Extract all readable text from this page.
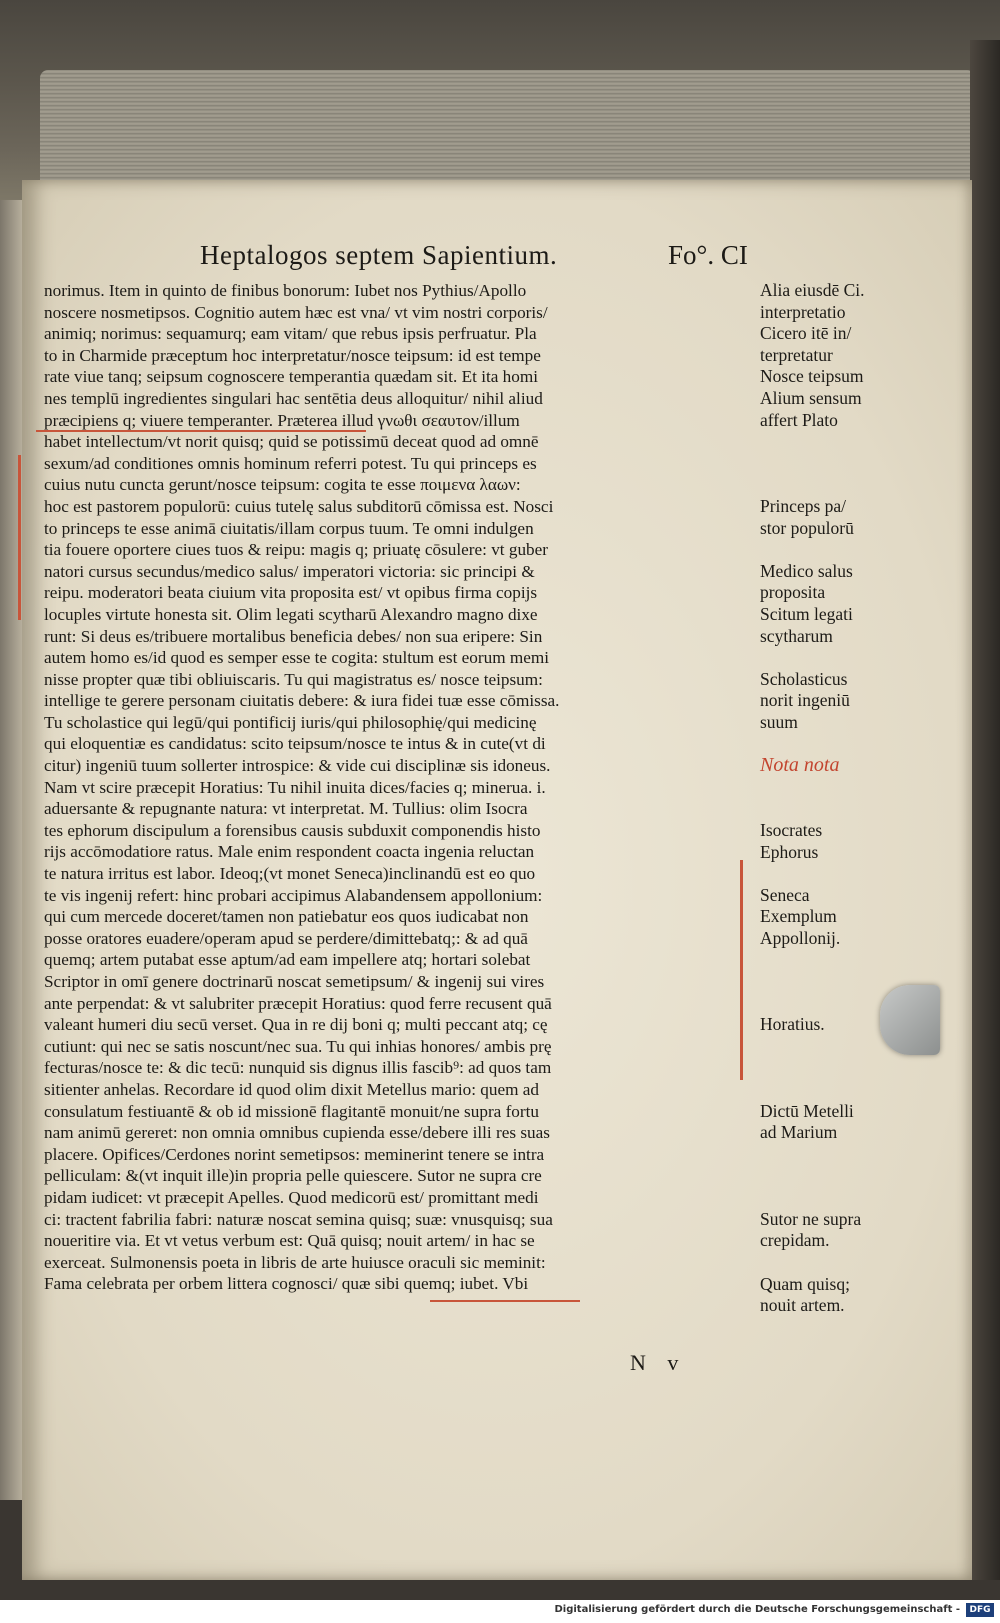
Heptalogos septem Sapientium.	Fo°. CI
norimus. Item in quinto de finibus bonorum: Iubet nos Pythius/Apollo
noscere nosmetipsos. Cognitio autem hæc est vna/ vt vim nostri corporis/
animiq; norimus: sequamurq; eam vitam/ que rebus ipsis perfruatur. Pla
to in Charmide præceptum hoc interpretatur/nosce teipsum: id est tempe
rate viue tanq; seipsum cognoscere temperantia quædam sit. Et ita homi
nes templū ingredientes singulari hac sentētia deus alloquitur/ nihil aliud
præcipiens q; viuere temperanter. Præterea illud γνωθι σεαυτον/illum
habet intellectum/vt norit quisq; quid se potissimū deceat quod ad omnē
sexum/ad conditiones omnis hominum referri potest. Tu qui princeps es
cuius nutu cuncta gerunt/nosce teipsum: cogita te esse ποιμενα λαων:
hoc est pastorem populorū: cuius tutelę salus subditorū cōmissa est. Nosci
to princeps te esse animā ciuitatis/illam corpus tuum. Te omni indulgen
tia fouere oportere ciues tuos & reipu: magis q; priuatę cōsulere: vt guber
natori cursus secundus/medico salus/ imperatori victoria: sic principi &
reipu. moderatori beata ciuium vita proposita est/ vt opibus firma copijs
locuples virtute honesta sit. Olim legati scytharū Alexandro magno dixe
runt: Si deus es/tribuere mortalibus beneficia debes/ non sua eripere: Sin
autem homo es/id quod es semper esse te cogita: stultum est eorum memi
nisse propter quæ tibi obliuiscaris. Tu qui magistratus es/ nosce teipsum:
intellige te gerere personam ciuitatis debere: & iura fidei tuæ esse cōmissa.
Tu scholastice qui legū/qui pontificij iuris/qui philosophię/qui medicinę
qui eloquentiæ es candidatus: scito teipsum/nosce te intus & in cute(vt di
citur) ingeniū tuum sollerter introspice: & vide cui disciplinæ sis idoneus.
Nam vt scire præcepit Horatius: Tu nihil inuita dices/facies q; minerua. i.
aduersante & repugnante natura: vt interpretat. M. Tullius: olim Isocra
tes ephorum discipulum a forensibus causis subduxit componendis histo
rijs accōmodatiore ratus. Male enim respondent coacta ingenia reluctan
te natura irritus est labor. Ideoq;(vt monet Seneca)inclinandū est eo quo
te vis ingenij refert: hinc probari accipimus Alabandensem appollonium:
qui cum mercede doceret/tamen non patiebatur eos quos iudicabat non
posse oratores euadere/operam apud se perdere/dimittebatq;: & ad quā
quemq; artem putabat esse aptum/ad eam impellere atq; hortari solebat
Scriptor in omī genere doctrinarū noscat semetipsum/ & ingenij sui vires
ante perpendat: & vt salubriter præcepit Horatius: quod ferre recusent quā
valeant humeri diu secū verset. Qua in re dij boni q; multi peccant atq; cę
cutiunt: qui nec se satis noscunt/nec sua. Tu qui inhias honores/ ambis prę
fecturas/nosce te: & dic tecū: nunquid sis dignus illis fascib⁹: ad quos tam
sitienter anhelas. Recordare id quod olim dixit Metellus mario: quem ad
consulatum festiuantē & ob id missionē flagitantē monuit/ne supra fortu
nam animū gereret: non omnia omnibus cupienda esse/debere illi res suas
placere. Opifices/Cerdones norint semetipsos: meminerint tenere se intra
pelliculam: &(vt inquit ille)in propria pelle quiescere. Sutor ne supra cre
pidam iudicet: vt præcepit Apelles. Quod medicorū est/ promittant medi
ci: tractent fabrilia fabri: naturæ noscat semina quisq; suæ: vnusquisq; sua
noueritire via. Et vt vetus verbum est: Quā quisq; nouit artem/ in hac se
exerceat. Sulmonensis poeta in libris de arte huiusce oraculi sic meminit:
Fama celebrata per orbem littera cognosci/ quæ sibi quemq; iubet. Vbi
Alia eiusdē Ci.
interpretatio
Cicero itē in/
terpretatur
Nosce teipsum
Alium sensum
affert Plato
Princeps pa/
stor populorū
Medico salus
proposita
Scitum legati
scytharum
Scholasticus
norit ingeniū
suum
Nota nota
Isocrates
Ephorus
Seneca
Exemplum
Appollonij.
Horatius.
Dictū Metelli
ad Marium
Sutor ne supra
crepidam.
Quam quisq;
nouit artem.
N v
Digitalisierung gefördert durch die Deutsche Forschungsgemeinschaft -	DFG
